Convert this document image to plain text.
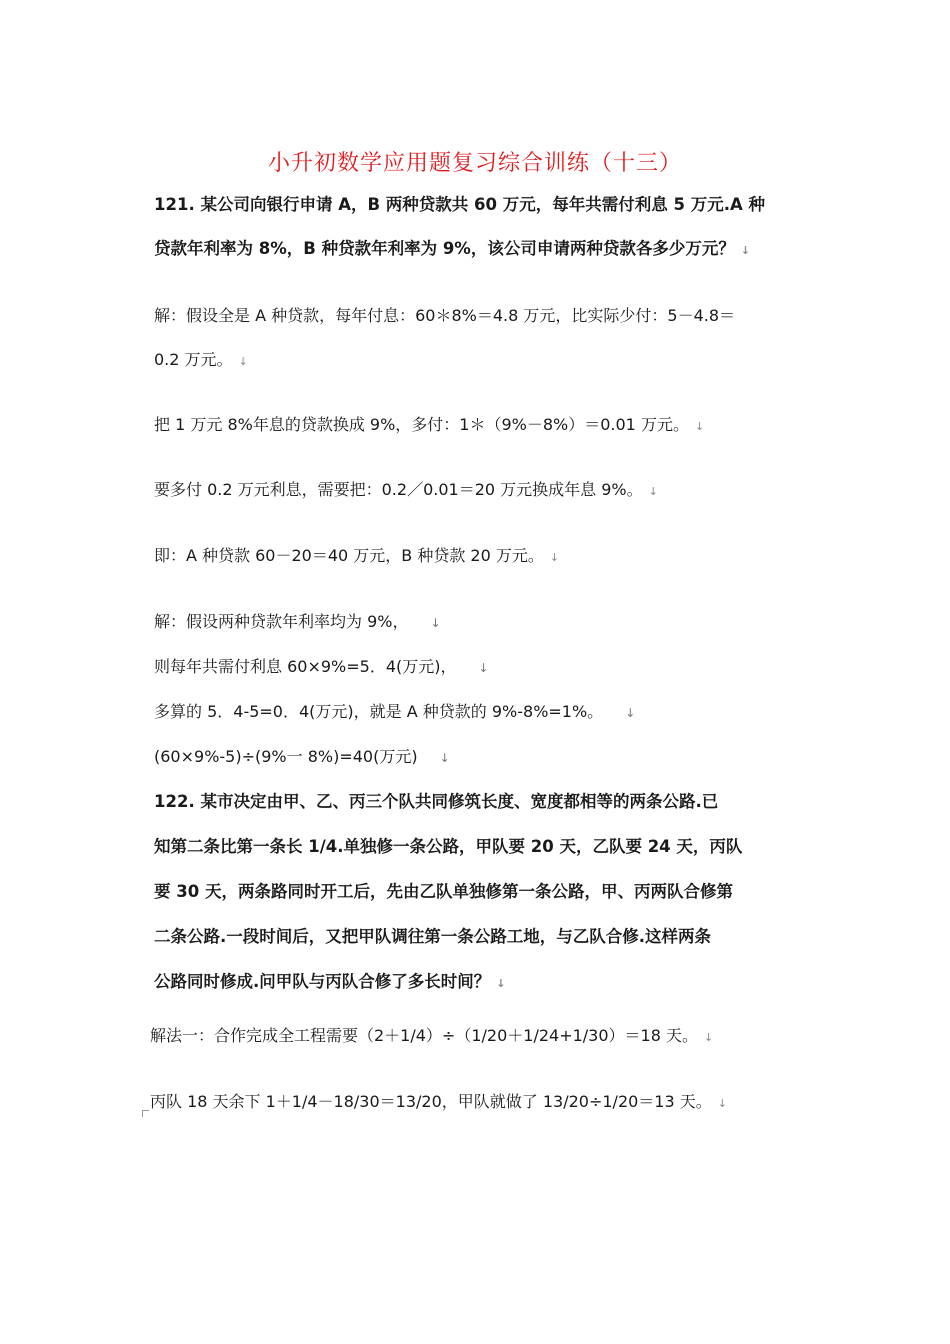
小升初数学应用题复习综合训练（十三）
121. 某公司向银行申请 A，B 两种贷款共 60 万元，每年共需付利息 5 万元.A 种
贷款年利率为 8%，B 种贷款年利率为 9%，该公司申请两种贷款各多少万元？ ↓
解：假设全是 A 种贷款，每年付息：60＊8%＝4.8 万元，比实际少付：5－4.8＝
0.2 万元。 ↓
把 1 万元 8%年息的贷款换成 9%，多付：1＊（9%－8%）＝0.01 万元。 ↓
要多付 0.2 万元利息，需要把：0.2／0.01＝20 万元换成年息 9%。 ↓
即：A 种贷款 60－20＝40 万元，B 种贷款 20 万元。 ↓
解：假设两种贷款年利率均为 9%， ↓
则每年共需付利息 60×9%=5．4(万元)， ↓
多算的 5．4-5=0．4(万元)，就是 A 种贷款的 9%-8%=1%。 ↓
(60×9%-5)÷(9%一 8%)=40(万元) ↓
122. 某市决定由甲、乙、丙三个队共同修筑长度、宽度都相等的两条公路.已
知第二条比第一条长 1/4.单独修一条公路，甲队要 20 天，乙队要 24 天，丙队
要 30 天，两条路同时开工后，先由乙队单独修第一条公路，甲、丙两队合修第
二条公路.一段时间后，又把甲队调往第一条公路工地，与乙队合修.这样两条
公路同时修成.问甲队与丙队合修了多长时间？ ↓
解法一：合作完成全工程需要（2＋1/4）÷（1/20＋1/24+1/30）＝18 天。 ↓
丙队 18 天余下 1＋1/4－18/30＝13/20，甲队就做了 13/20÷1/20＝13 天。 ↓
